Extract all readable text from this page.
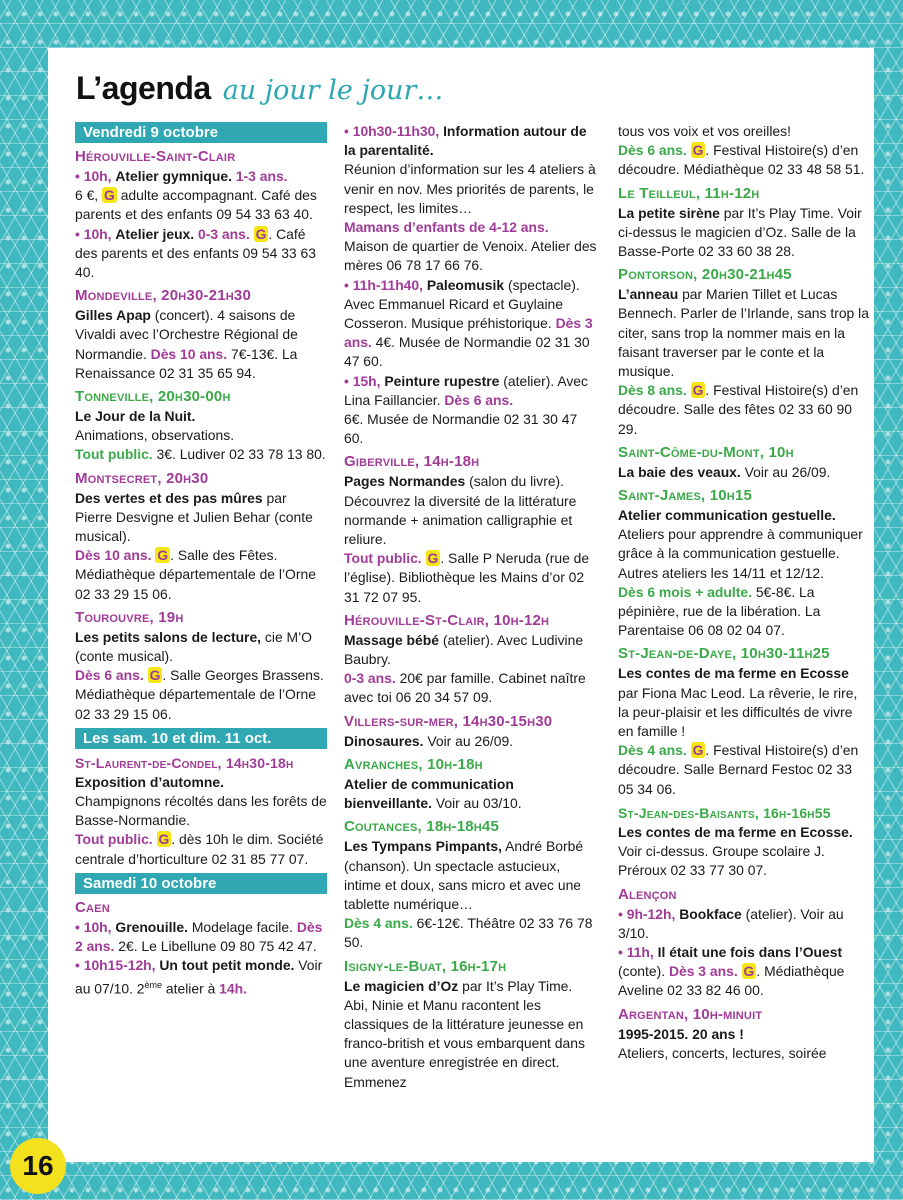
L’agenda au jour le jour…
Vendredi 9 octobre
Hérouville-Saint-Clair

• 10h, Atelier gymnique. 1-3 ans.
6 €, G adulte accompagnant. Café des parents et des enfants 09 54 33 63 40.

• 10h, Atelier jeux. 0-3 ans. G . Café des parents et des enfants 09 54 33 63 40.

Mondeville, 20h30-21h30

Gilles Apap (concert). 4 saisons de Vivaldi avec l’Orchestre Régional de Normandie. Dès 10 ans. 7€-13€. La Renaissance 02 31 35 65 94.

Tonneville, 20h30-00h

Le Jour de la Nuit.
Animations, observations.
Tout public. 3€. Ludiver 02 33 78 13 80.

Montsecret, 20h30

Des vertes et des pas mûres par Pierre Desvigne et Julien Behar (conte musical).
Dès 10 ans. G . Salle des Fêtes. Médiathèque départementale de l’Orne 02 33 29 15 06.

Tourouvre, 19h

Les petits salons de lecture, cie M’O (conte musical).
Dès 6 ans. G . Salle Georges Brassens. Médiathèque départementale de l’Orne 02 33 29 15 06.

Les sam. 10 et dim. 11 oct.
St-Laurent-de-Condel, 14h30-18h

Exposition d’automne.
Champignons récoltés dans les forêts de Basse-Normandie.
Tout public. G . dès 10h le dim. Société centrale d’horticulture 02 31 85 77 07.

Samedi 10 octobre
Caen

• 10h, Grenouille. Modelage facile. Dès 2 ans. 2€. Le Libellune 09 80 75 42 47.

• 10h15-12h, Un tout petit monde. Voir au 07/10. 2ème atelier à 14h.

• 10h30-11h30, Information autour de la parentalité.
Réunion d’information sur les 4 ateliers à venir en nov. Mes priorités de parents, le respect, les limites…
Mamans d’enfants de 4-12 ans.
Maison de quartier de Venoix. Atelier des mères 06 78 17 66 76.

• 11h-11h40, Paleomusik (spectacle). Avec Emmanuel Ricard et Guylaine Cosseron. Musique préhistorique. Dès 3 ans. 4€. Musée de Normandie 02 31 30 47 60.

• 15h, Peinture rupestre (atelier). Avec Lina Faillancier. Dès 6 ans.
6€. Musée de Normandie 02 31 30 47 60.

Giberville, 14h-18h

Pages Normandes (salon du livre). Découvrez la diversité de la littérature normande + animation calligraphie et reliure.
Tout public. G . Salle P Neruda (rue de l’église). Bibliothèque les Mains d’or 02 31 72 07 95.

Hérouville-St-Clair, 10h-12h

Massage bébé (atelier). Avec Ludivine Baubry.
0-3 ans. 20€ par famille. Cabinet naître avec toi 06 20 34 57 09.

Villers-sur-mer, 14h30-15h30

Dinosaures. Voir au 26/09.

Avranches, 10h-18h

Atelier de communication bienveillante. Voir au 03/10.

Coutances, 18h-18h45

Les Tympans Pimpants, André Borbé (chanson). Un spectacle astucieux, intime et doux, sans micro et avec une tablette numérique…
Dès 4 ans. 6€-12€. Théâtre 02 33 76 78 50.

Isigny-le-Buat, 16h-17h

Le magicien d’Oz par It’s Play Time. Abi, Ninie et Manu racontent les classiques de la littérature jeunesse en franco-british et vous embarquent dans une aventure enregistrée en direct. Emmenez

tous vos voix et vos oreilles!
Dès 6 ans. G . Festival Histoire(s) d’en découdre. Médiathèque 02 33 48 58 51.

Le Teilleul, 11h-12h

La petite sirène par It’s Play Time. Voir ci-dessus le magicien d’Oz. Salle de la Basse-Porte 02 33 60 38 28.

Pontorson, 20h30-21h45

L’anneau par Marien Tillet et Lucas Bennech. Parler de l’Irlande, sans trop la citer, sans trop la nommer mais en la faisant traverser par le conte et la musique.
Dès 8 ans. G . Festival Histoire(s) d’en découdre. Salle des fêtes 02 33 60 90 29.

Saint-Côme-du-Mont, 10h

La baie des veaux. Voir au 26/09.

Saint-James, 10h15

Atelier communication gestuelle.
Ateliers pour apprendre à communiquer grâce à la communication gestuelle. Autres ateliers les 14/11 et 12/12.
Dès 6 mois + adulte. 5€-8€. La pépinière, rue de la libération. La Parentaise 06 08 02 04 07.

St-Jean-de-Daye, 10h30-11h25

Les contes de ma ferme en Ecosse par Fiona Mac Leod. La rêverie, le rire, la peur-plaisir et les difficultés de vivre en famille !
Dès 4 ans. G . Festival Histoire(s) d’en découdre. Salle Bernard Festoc 02 33 05 34 06.

St-Jean-des-Baisants, 16h-16h55

Les contes de ma ferme en Ecosse. Voir ci-dessus. Groupe scolaire J. Préroux 02 33 77 30 07.

Alençon

• 9h-12h, Bookface (atelier). Voir au 3/10.

• 11h, Il était une fois dans l’Ouest (conte). Dès 3 ans. G . Médiathèque Aveline 02 33 82 46 00.

Argentan, 10h-minuit

1995-2015. 20 ans !
Ateliers, concerts, lectures, soirée

16
